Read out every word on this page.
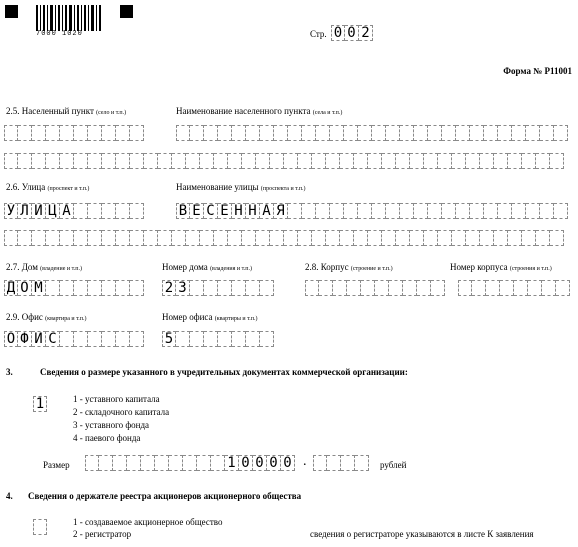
7000 1020	Стр. 0 0 2
Форма № Р11001
2.5. Населенный пункт (село и т.п.)	Наименование населенного пункта (села и т.п.)
2.6. Улица (проспект и т.п.)	Наименование улицы (проспекта и т.п.)
У Л И Ц А	В Е С Е Н Н А Я
2.7. Дом (владение и т.п.)	Номер дома (владения и т.п.)	2.8. Корпус (строение и т.п.)	Номер корпуса (строения и т.п.)
Д О М	2 3
2.9. Офис (квартира и т.п.)	Номер офиса (квартиры и т.п.)
О Ф И С	5
3.	Сведения о размере указанного в учредительных документах коммерческой организации:
1	1 - уставного капитала
2 - складочного капитала
3 - уставного фонда
4 - паевого фонда
Размер	1 0 0 0 0 .	рублей
4. Сведения о держателе реестра акционеров акционерного общества
1 - создаваемое акционерное общество
2 - регистратор	сведения о регистраторе указываются в листе К заявления
